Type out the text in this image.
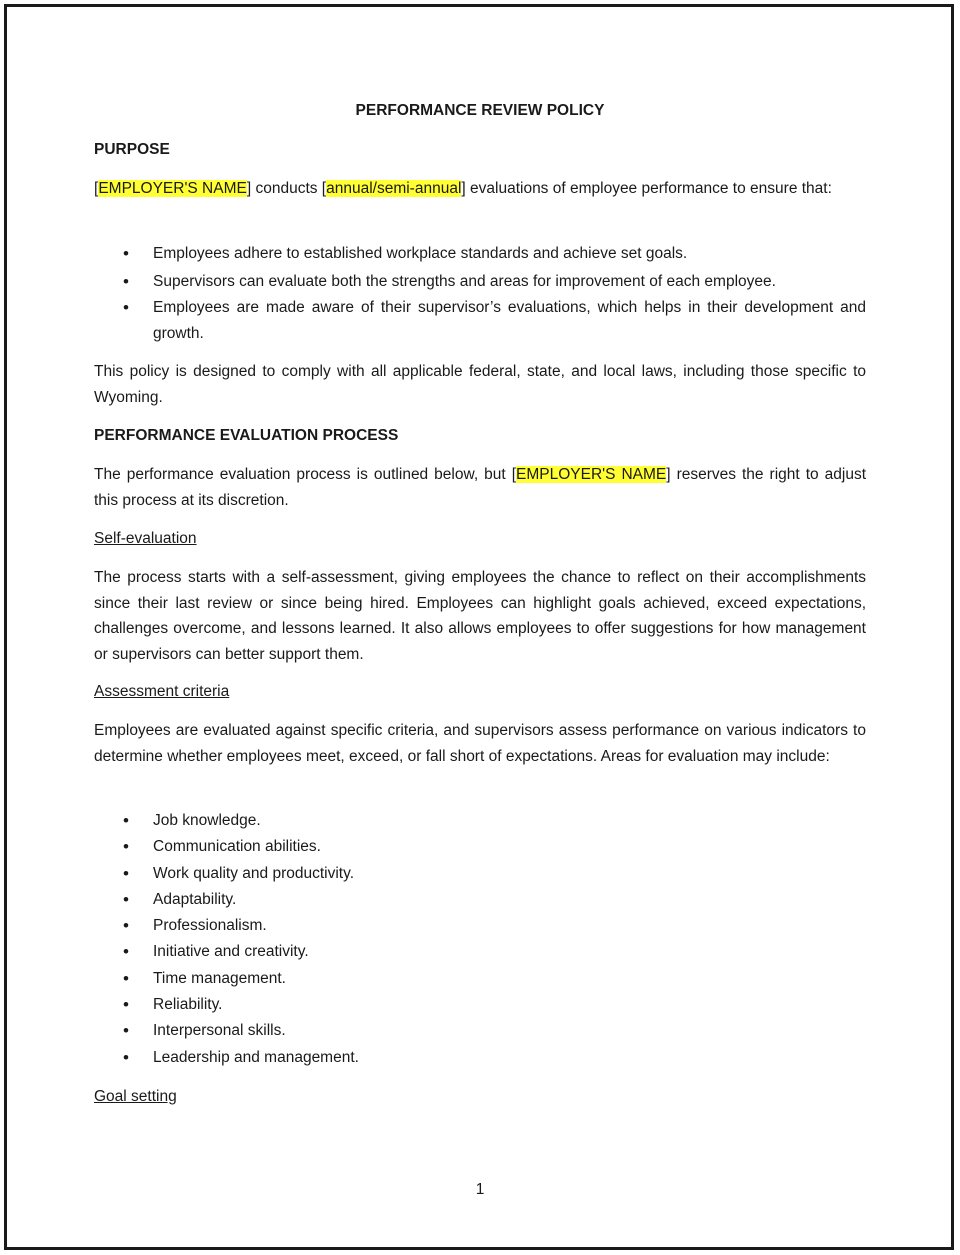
PERFORMANCE REVIEW POLICY
PURPOSE
[EMPLOYER'S NAME] conducts [annual/semi-annual] evaluations of employee performance to ensure that:
• Employees adhere to established workplace standards and achieve set goals.
• Supervisors can evaluate both the strengths and areas for improvement of each employee.
• Employees are made aware of their supervisor’s evaluations, which helps in their development and growth.
This policy is designed to comply with all applicable federal, state, and local laws, including those specific to Wyoming.
PERFORMANCE EVALUATION PROCESS
The performance evaluation process is outlined below, but [EMPLOYER'S NAME] reserves the right to adjust this process at its discretion.
Self-evaluation
The process starts with a self-assessment, giving employees the chance to reflect on their accomplishments since their last review or since being hired. Employees can highlight goals achieved, exceed expectations, challenges overcome, and lessons learned. It also allows employees to offer suggestions for how management or supervisors can better support them.
Assessment criteria
Employees are evaluated against specific criteria, and supervisors assess performance on various indicators to determine whether employees meet, exceed, or fall short of expectations. Areas for evaluation may include:
• Job knowledge.
• Communication abilities.
• Work quality and productivity.
• Adaptability.
• Professionalism.
• Initiative and creativity.
• Time management.
• Reliability.
• Interpersonal skills.
• Leadership and management.
Goal setting
1
